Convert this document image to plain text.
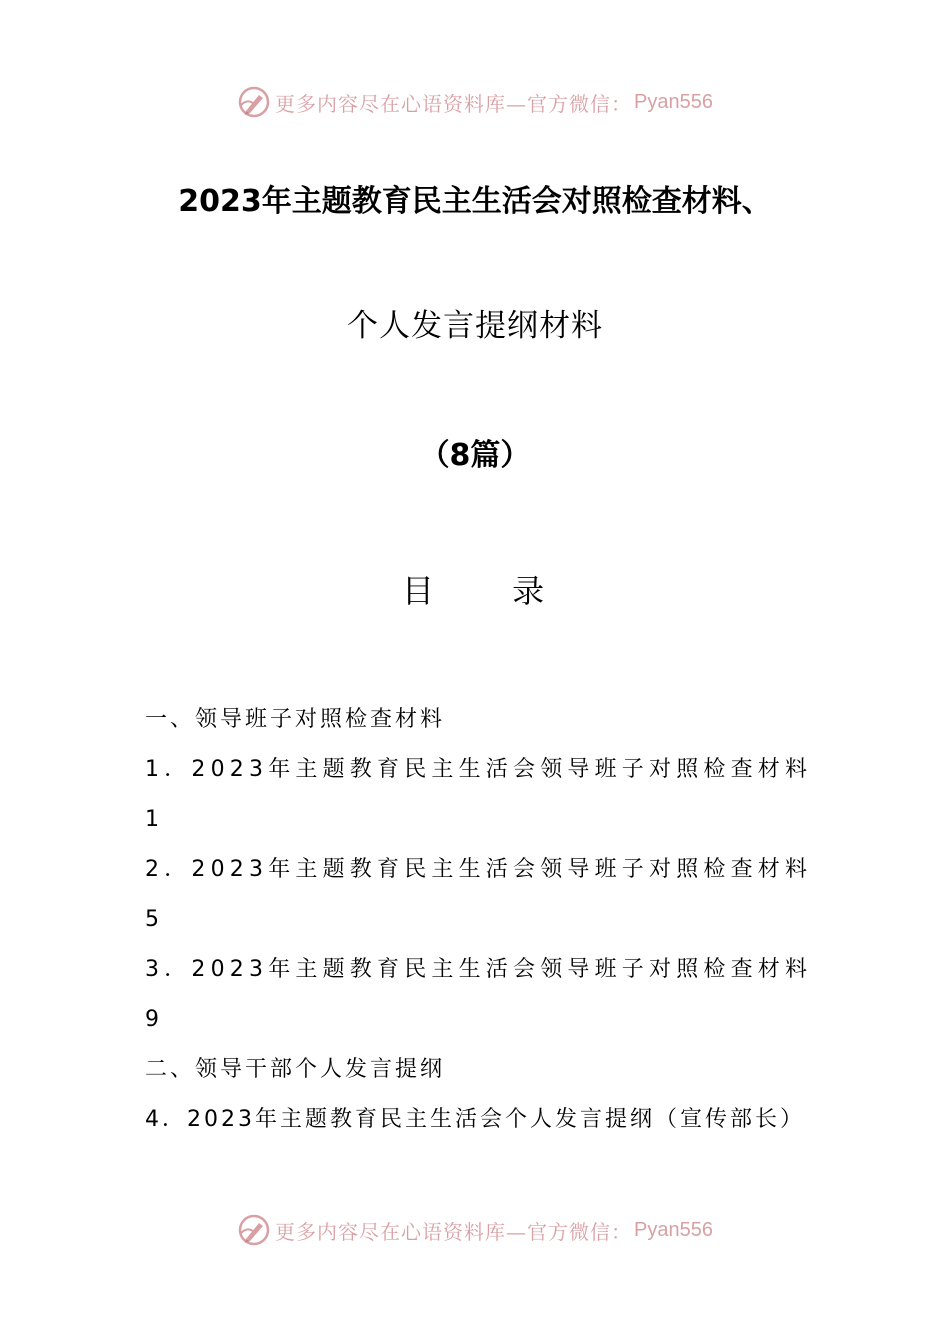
更多内容尽在心语资料库—官方微信： Pyan556
2023年主题教育民主生活会对照检查材料、
个人发言提纲材料
（8篇）
目 录
一、领导班子对照检查材料
1．2023年主题教育民主生活会领导班子对照检查材料
1
2．2023年主题教育民主生活会领导班子对照检查材料
5
3．2023年主题教育民主生活会领导班子对照检查材料
9
二、领导干部个人发言提纲
4．2023年主题教育民主生活会个人发言提纲（宣传部长）
更多内容尽在心语资料库—官方微信： Pyan556
